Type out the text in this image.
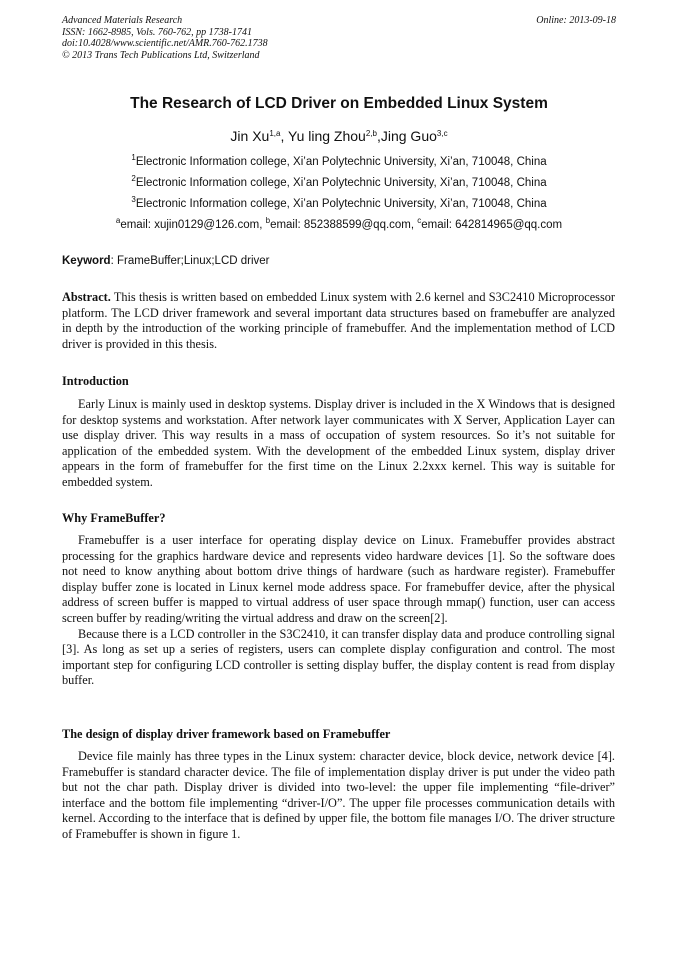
Advanced Materials Research
ISSN: 1662-8985, Vols. 760-762, pp 1738-1741
doi:10.4028/www.scientific.net/AMR.760-762.1738
© 2013 Trans Tech Publications Ltd, Switzerland
Online: 2013-09-18
The Research of LCD Driver on Embedded Linux System
Jin Xu$^{1,a}$, Yu ling Zhou$^{2,b}$,Jing Guo$^{3,c}$
$^1$Electronic Information college, Xi’an Polytechnic University, Xi’an, 710048, China
$^2$Electronic Information college, Xi’an Polytechnic University, Xi’an, 710048, China
$^3$Electronic Information college, Xi’an Polytechnic University, Xi’an, 710048, China
$^a$email: xujin0129@126.com, $^b$email: 852388599@qq.com, $^c$email: 642814965@qq.com
Keyword: FrameBuffer;Linux;LCD driver

Abstract. This thesis is written based on embedded Linux system with 2.6 kernel and S3C2410 Microprocessor platform. The LCD driver framework and several important data structures based on framebuffer are analyzed in depth by the introduction of the working principle of framebuffer. And the implementation method of LCD driver is provided in this thesis.

Introduction

Early Linux is mainly used in desktop systems. Display driver is included in the X Windows that is designed for desktop systems and workstation. After network layer communicates with X Server, Application Layer can use display driver. This way results in a mass of occupation of system resources. So it’s not suitable for application of the embedded system. With the development of the embedded Linux system, display driver appears in the form of framebuffer for the first time on the Linux 2.2xxx kernel. This way is suitable for embedded system.

Why FrameBuffer?

Framebuffer is a user interface for operating display device on Linux. Framebuffer provides abstract processing for the graphics hardware device and represents video hardware devices [1]. So the software does not need to know anything about bottom drive things of hardware (such as hardware register). Framebuffer display buffer zone is located in Linux kernel mode address space. For framebuffer device, after the physical address of screen buffer is mapped to virtual address of user space through mmap() function, user can access screen buffer by reading/writing the virtual address and draw on the screen[2].

Because there is a LCD controller in the S3C2410, it can transfer display data and produce controlling signal [3]. As long as set up a series of registers, users can complete display configuration and control. The most important step for configuring LCD controller is setting display buffer, the display content is read from display buffer.

The design of display driver framework based on Framebuffer

Device file mainly has three types in the Linux system: character device, block device, network device [4]. Framebuffer is standard character device. The file of implementation display driver is put under the video path but not the char path. Display driver is divided into two-level: the upper file implementing “file-driver” interface and the bottom file implementing “driver-I/O”. The upper file processes communication details with kernel. According to the interface that is defined by upper file, the bottom file manages I/O. The driver structure of Framebuffer is shown in figure 1.
